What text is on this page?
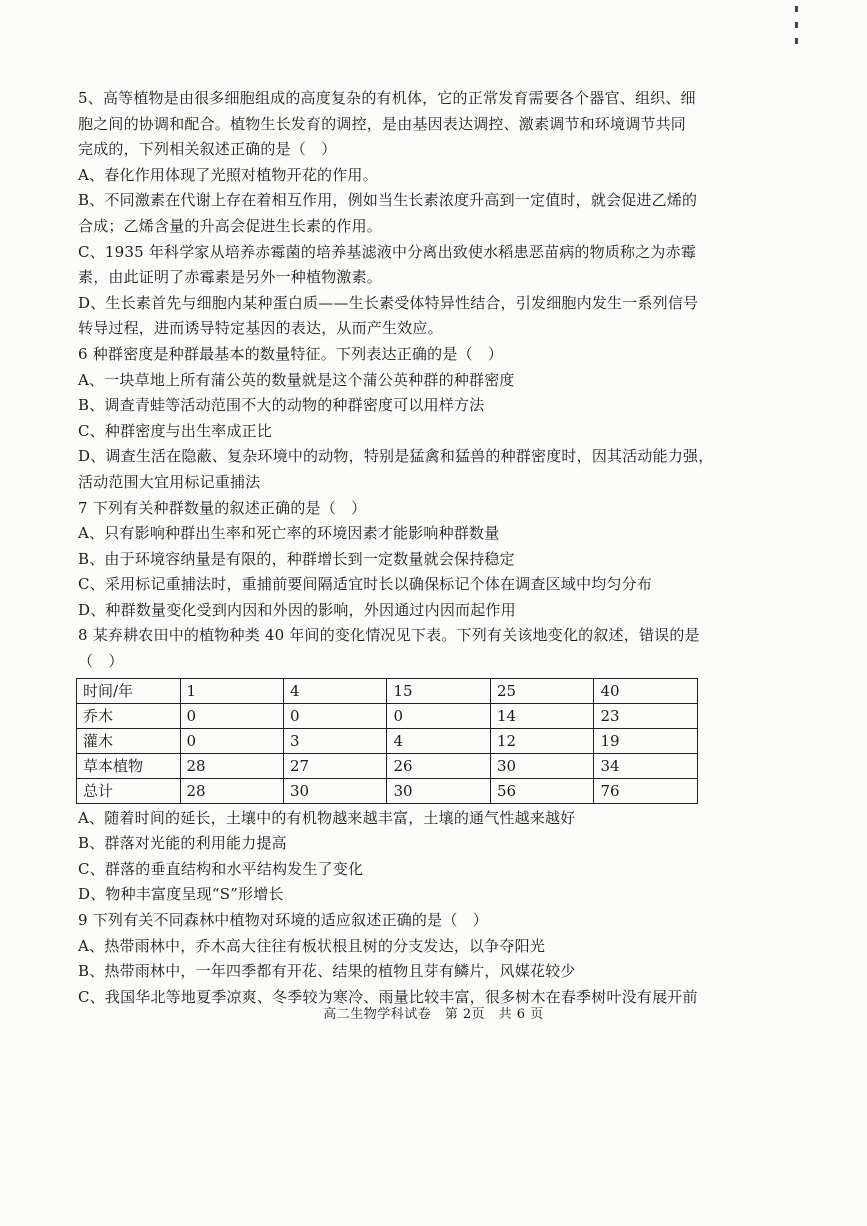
5、高等植物是由很多细胞组成的高度复杂的有机体，它的正常发育需要各个器官、组织、细
胞之间的协调和配合。植物生长发育的调控，是由基因表达调控、激素调节和环境调节共同
完成的，下列相关叙述正确的是（　）
A、春化作用体现了光照对植物开花的作用。
B、不同激素在代谢上存在着相互作用，例如当生长素浓度升高到一定值时，就会促进乙烯的
合成；乙烯含量的升高会促进生长素的作用。
C、1935 年科学家从培养赤霉菌的培养基滤液中分离出致使水稻患恶苗病的物质称之为赤霉
素，由此证明了赤霉素是另外一种植物激素。
D、生长素首先与细胞内某种蛋白质——生长素受体特异性结合，引发细胞内发生一系列信号
转导过程，进而诱导特定基因的表达，从而产生效应。
6 种群密度是种群最基本的数量特征。下列表达正确的是（　）
A、一块草地上所有蒲公英的数量就是这个蒲公英种群的种群密度
B、调查青蛙等活动范围不大的动物的种群密度可以用样方法
C、种群密度与出生率成正比
D、调查生活在隐蔽、复杂环境中的动物，特别是猛禽和猛兽的种群密度时，因其活动能力强，
活动范围大宜用标记重捕法
7 下列有关种群数量的叙述正确的是（　）
A、只有影响种群出生率和死亡率的环境因素才能影响种群数量
B、由于环境容纳量是有限的，种群增长到一定数量就会保持稳定
C、采用标记重捕法时，重捕前要间隔适宜时长以确保标记个体在调查区域中均匀分布
D、种群数量变化受到内因和外因的影响，外因通过内因而起作用
8 某弃耕农田中的植物种类 40 年间的变化情况见下表。下列有关该地变化的叙述，错误的是
（　）
时间/年	1	4	15	25	40
乔木	0	0	0	14	23
灌木	0	3	4	12	19
草本植物	28	27	26	30	34
总计	28	30	30	56	76
A、随着时间的延长，土壤中的有机物越来越丰富，土壤的通气性越来越好
B、群落对光能的利用能力提高
C、群落的垂直结构和水平结构发生了变化
D、物种丰富度呈现“S”形增长
9 下列有关不同森林中植物对环境的适应叙述正确的是（　）
A、热带雨林中，乔木高大往往有板状根且树的分支发达，以争夺阳光
B、热带雨林中，一年四季都有开花、结果的植物且芽有鳞片，风媒花较少
C、我国华北等地夏季凉爽、冬季较为寒冷、雨量比较丰富，很多树木在春季树叶没有展开前
高二生物学科试卷　第 2页　共 6 页
